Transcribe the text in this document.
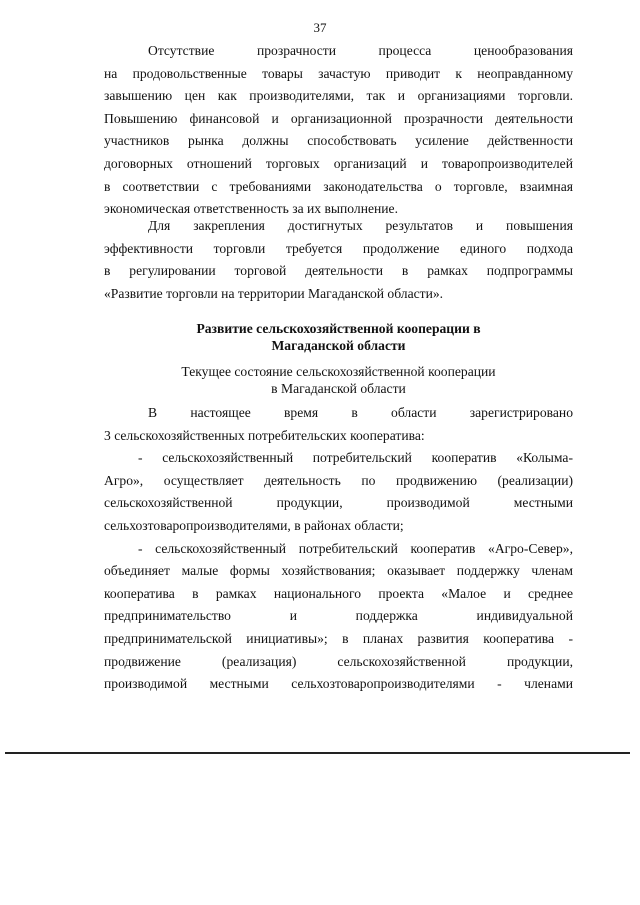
37
Отсутствие прозрачности процесса ценообразования
на продовольственные товары зачастую приводит к неоправданному
завышению цен как производителями, так и организациями торговли.
Повышению финансовой и организационной прозрачности деятельности
участников рынка должны способствовать усиление действенности
договорных отношений торговых организаций и товаропроизводителей
в соответствии с требованиями законодательства о торговле, взаимная
экономическая ответственность за их выполнение.
Для закрепления достигнутых результатов и повышения
эффективности торговли требуется продолжение единого подхода
в регулировании торговой деятельности в рамках подпрограммы
«Развитие торговли на территории Магаданской области».
Развитие сельскохозяйственной кооперации в
Магаданской области
Текущее состояние сельскохозяйственной кооперации
в Магаданской области
В настоящее время в области зарегистрировано
3 сельскохозяйственных потребительских кооператива:
- сельскохозяйственный потребительский кооператив «Колыма-
Агро», осуществляет деятельность по продвижению (реализации)
сельскохозяйственной продукции, производимой местными
сельхозтоваропроизводителями, в районах области;
- сельскохозяйственный потребительский кооператив «Агро-Север»,
объединяет малые формы хозяйствования; оказывает поддержку членам
кооператива в рамках национального проекта «Малое и среднее
предпринимательство и поддержка индивидуальной
предпринимательской инициативы»; в планах развития кооператива -
продвижение (реализация) сельскохозяйственной продукции,
производимой местными сельхозтоваропроизводителями - членами
